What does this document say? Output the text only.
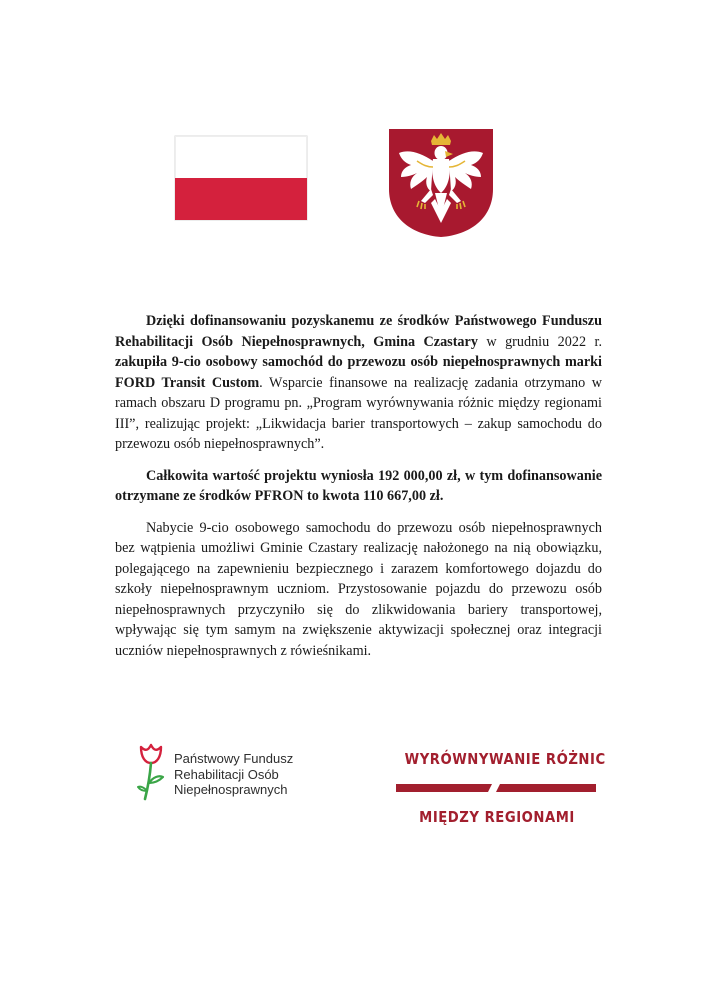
Dzięki dofinansowaniu pozyskanemu ze środków Państwowego Funduszu Rehabilitacji Osób Niepełnosprawnych, Gmina Czastary w grudniu 2022 r. zakupiła 9-cio osobowy samochód do przewozu osób niepełnosprawnych marki FORD Transit Custom. Wsparcie finansowe na realizację zadania otrzymano w ramach obszaru D programu pn. „Program wyrównywania różnic między regionami III”, realizując projekt: „Likwidacja barier transportowych – zakup samochodu do przewozu osób niepełnosprawnych”.

Całkowita wartość projektu wyniosła 192 000,00 zł, w tym dofinansowanie otrzymane ze środków PFRON to kwota 110 667,00 zł.

Nabycie 9-cio osobowego samochodu do przewozu osób niepełnosprawnych bez wątpienia umożliwi Gminie Czastary realizację nałożonego na nią obowiązku, polegającego na zapewnieniu bezpiecznego i zarazem komfortowego dojazdu do szkoły niepełnosprawnym uczniom. Przystosowanie pojazdu do przewozu osób niepełnosprawnych przyczyniło się do zlikwidowania bariery transportowej, wpływając się tym samym na zwiększenie aktywizacji społecznej oraz integracji uczniów niepełnosprawnych z rówieśnikami.

Państwowy Fundusz
Rehabilitacji Osób
Niepełnosprawnych
WYRÓWNYWANIE RÓŻNIC
MIĘDZY REGIONAMI
